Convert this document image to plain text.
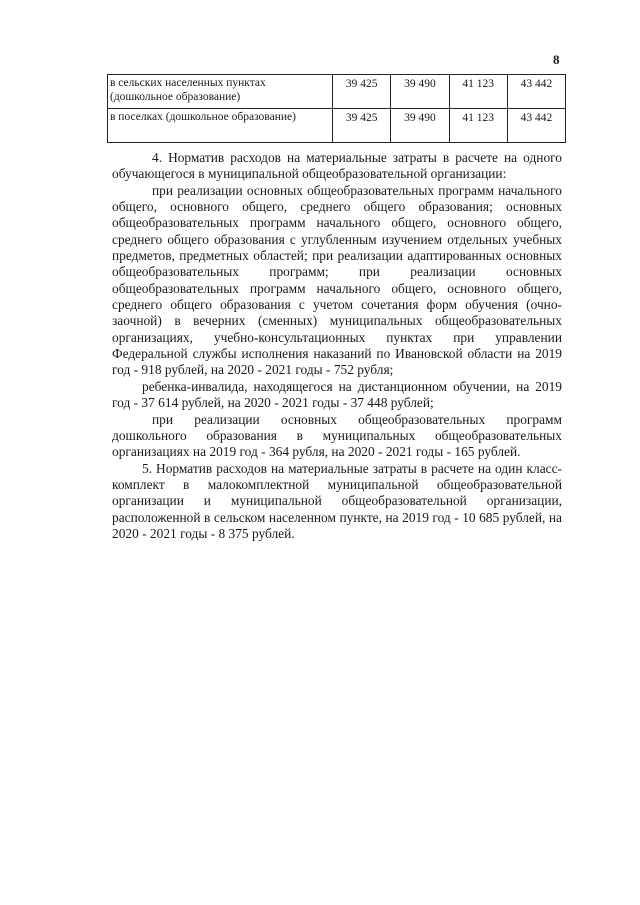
8
в сельских населенных пунктах (дошкольное образование)	39 425	39 490	41 123	43 442
в поселках (дошкольное образование)	39 425	39 490	41 123	43 442

4. Норматив расходов на материальные затраты в расчете на одного обучающегося в муниципальной общеобразовательной организации:

при реализации основных общеобразовательных программ начального общего, основного общего, среднего общего образования; основных общеобразовательных программ начального общего, основного общего, среднего общего образования с углубленным изучением отдельных учебных предметов, предметных областей; при реализации адаптированных основных общеобразовательных программ; при реализации основных общеобразовательных программ начального общего, основного общего, среднего общего образования с учетом сочетания форм обучения (очно-заочной) в вечерних (сменных) муниципальных общеобразовательных организациях, учебно-консультационных пунктах при управлении Федеральной службы исполнения наказаний по Ивановской области на 2019 год - 918 рублей, на 2020 - 2021 годы - 752 рубля;

ребенка-инвалида, находящегося на дистанционном обучении, на 2019 год - 37 614 рублей, на 2020 - 2021 годы - 37 448 рублей;

при реализации основных общеобразовательных программ дошкольного образования в муниципальных общеобразовательных организациях на 2019 год - 364 рубля, на 2020 - 2021 годы - 165 рублей.

5. Норматив расходов на материальные затраты в расчете на один класс-комплект в малокомплектной муниципальной общеобразовательной организации и муниципальной общеобразовательной организации, расположенной в сельском населенном пункте, на 2019 год - 10 685 рублей, на 2020 - 2021 годы - 8 375 рублей.
